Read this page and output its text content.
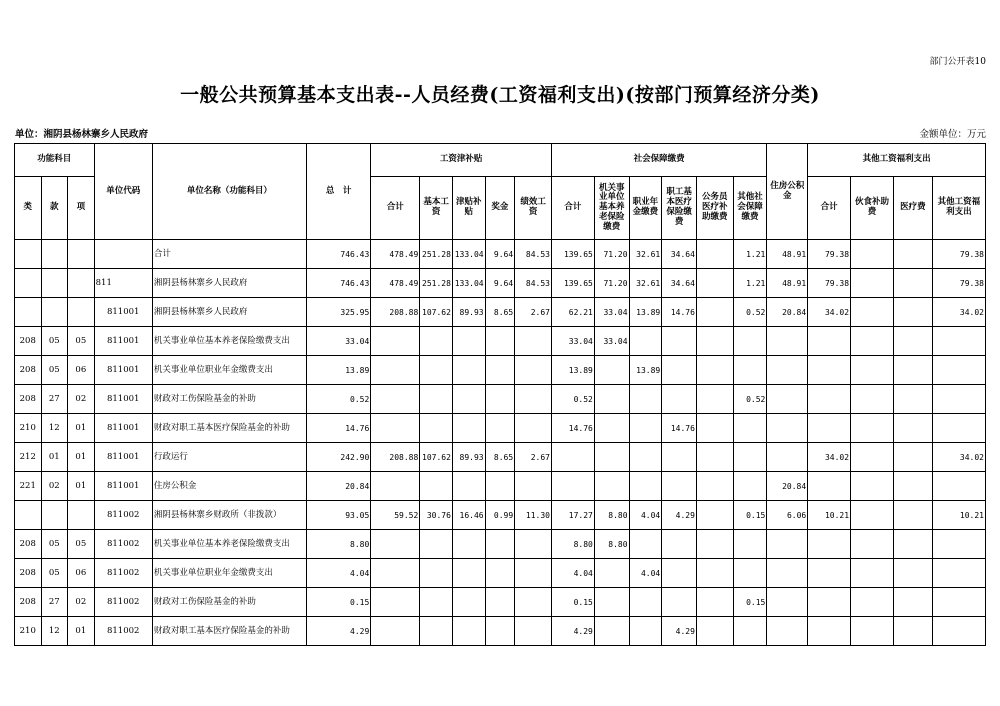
部门公开表10
一般公共预算基本支出表--人员经费(工资福利支出)(按部门预算经济分类)
单位：湘阴县杨林寨乡人民政府	金额单位：万元
功能科目			单位代码	单位名称（功能科目）	总　计	工资津补贴					社会保障缴费						住房公积金	其他工资福利支出			
类	款	项				合计	基本工资	津贴补贴	奖金	绩效工资	合计	机关事业单位基本养老保险缴费	职业年金缴费	职工基本医疗保险缴费	公务员医疗补助缴费	其他社会保障缴费		合计	伙食补助费	医疗费	其他工资福利支出
				合计	746.43	478.49	251.28	133.04	9.64	84.53	139.65	71.20	32.61	34.64		1.21	48.91	79.38			79.38
			811	湘阴县杨林寨乡人民政府	746.43	478.49	251.28	133.04	9.64	84.53	139.65	71.20	32.61	34.64		1.21	48.91	79.38			79.38
			811001	湘阴县杨林寨乡人民政府	325.95	208.88	107.62	89.93	8.65	2.67	62.21	33.04	13.89	14.76		0.52	20.84	34.02			34.02
208	05	05	811001	机关事业单位基本养老保险缴费支出	33.04						33.04	33.04									
208	05	06	811001	机关事业单位职业年金缴费支出	13.89						13.89		13.89								
208	27	02	811001	财政对工伤保险基金的补助	0.52						0.52					0.52					
210	12	01	811001	财政对职工基本医疗保险基金的补助	14.76						14.76			14.76							
212	01	01	811001	行政运行	242.90	208.88	107.62	89.93	8.65	2.67								34.02			34.02
221	02	01	811001	住房公积金	20.84												20.84				
			811002	湘阴县杨林寨乡财政所（非拨款）	93.05	59.52	30.76	16.46	0.99	11.30	17.27	8.80	4.04	4.29		0.15	6.06	10.21			10.21
208	05	05	811002	机关事业单位基本养老保险缴费支出	8.80						8.80	8.80									
208	05	06	811002	机关事业单位职业年金缴费支出	4.04						4.04		4.04								
208	27	02	811002	财政对工伤保险基金的补助	0.15						0.15					0.15					
210	12	01	811002	财政对职工基本医疗保险基金的补助	4.29						4.29			4.29							
